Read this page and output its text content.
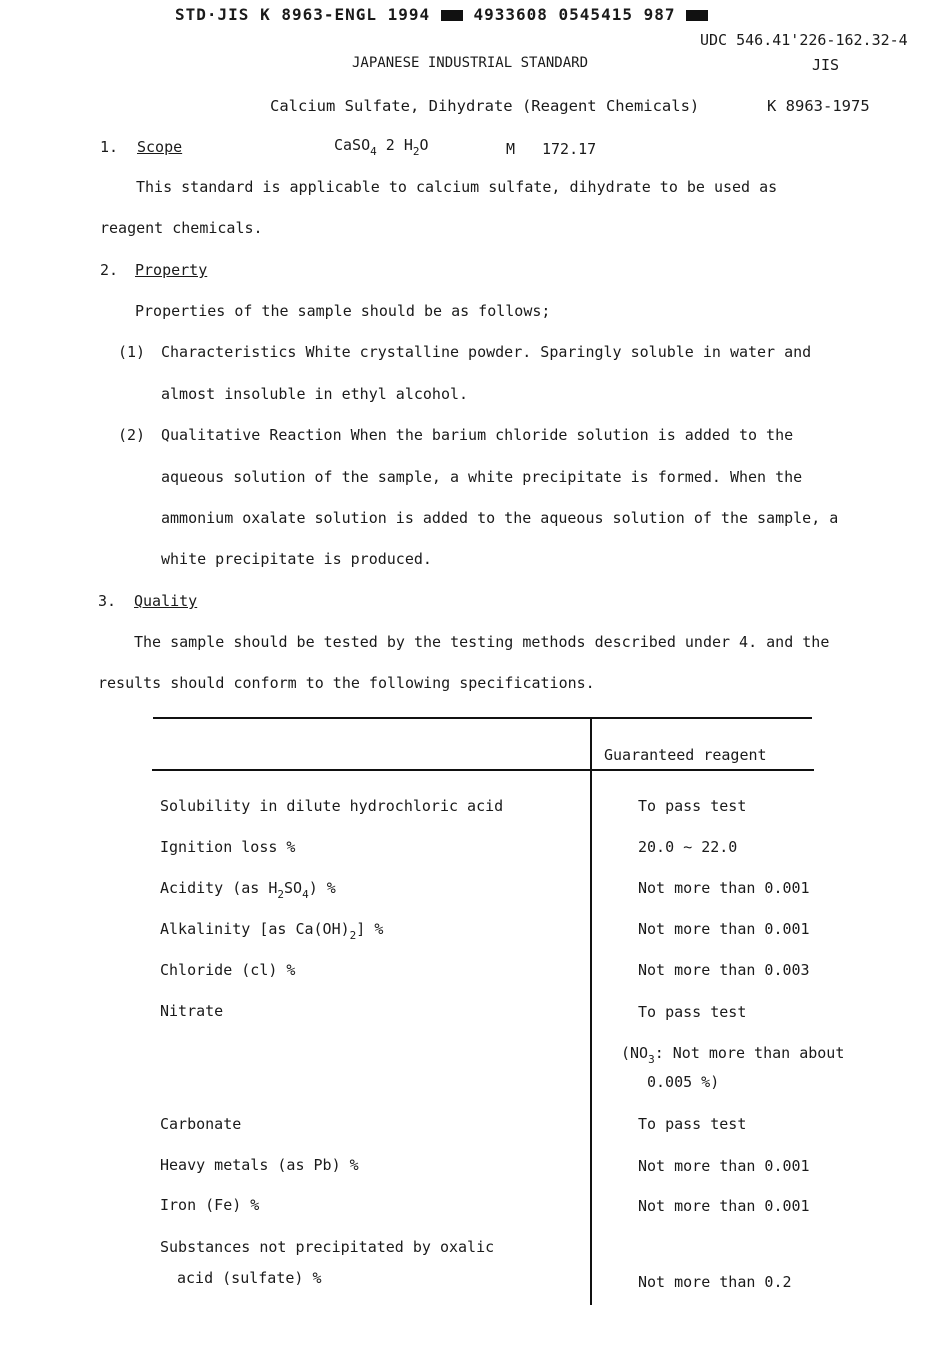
STD·JIS K 8963-ENGL 1994	4933608 0545415 987
UDC 546.41'226-162.32-4
JAPANESE INDUSTRIAL STANDARD	JIS
Calcium Sulfate, Dihydrate (Reagent Chemicals)	K 8963-1975
1. Scope	CaSO$_4$ 2 $H_2O$	M 172.17
This standard is applicable to calcium sulfate, dihydrate to be used as
reagent chemicals.
2. Property
Properties of the sample should be as follows;
(1) Characteristics White crystalline powder. Sparingly soluble in water and
almost insoluble in ethyl alcohol.
(2) Qualitative Reaction When the barium chloride solution is added to the
aqueous solution of the sample, a white precipitate is formed. When the
ammonium oxalate solution is added to the aqueous solution of the sample, a
white precipitate is produced.
3. Quality
The sample should be tested by the testing methods described under 4. and the
results should conform to the following specifications.
Guaranteed reagent
Solubility in dilute hydrochloric acid	To pass test
Ignition loss %	20.0 ∼ 22.0
Acidity (as $H_2SO_4$) %	Not more than 0.001
Alkalinity [as $Ca(OH)_2$] %	Not more than 0.001
Chloride (cl) %	Not more than 0.003
Nitrate	To pass test
($NO_3$: Not more than about
0.005 %)
Carbonate	To pass test
Heavy metals (as Pb) %	Not more than 0.001
Iron (Fe) %	Not more than 0.001
Substances not precipitated by oxalic
acid (sulfate) %	Not more than 0.2
